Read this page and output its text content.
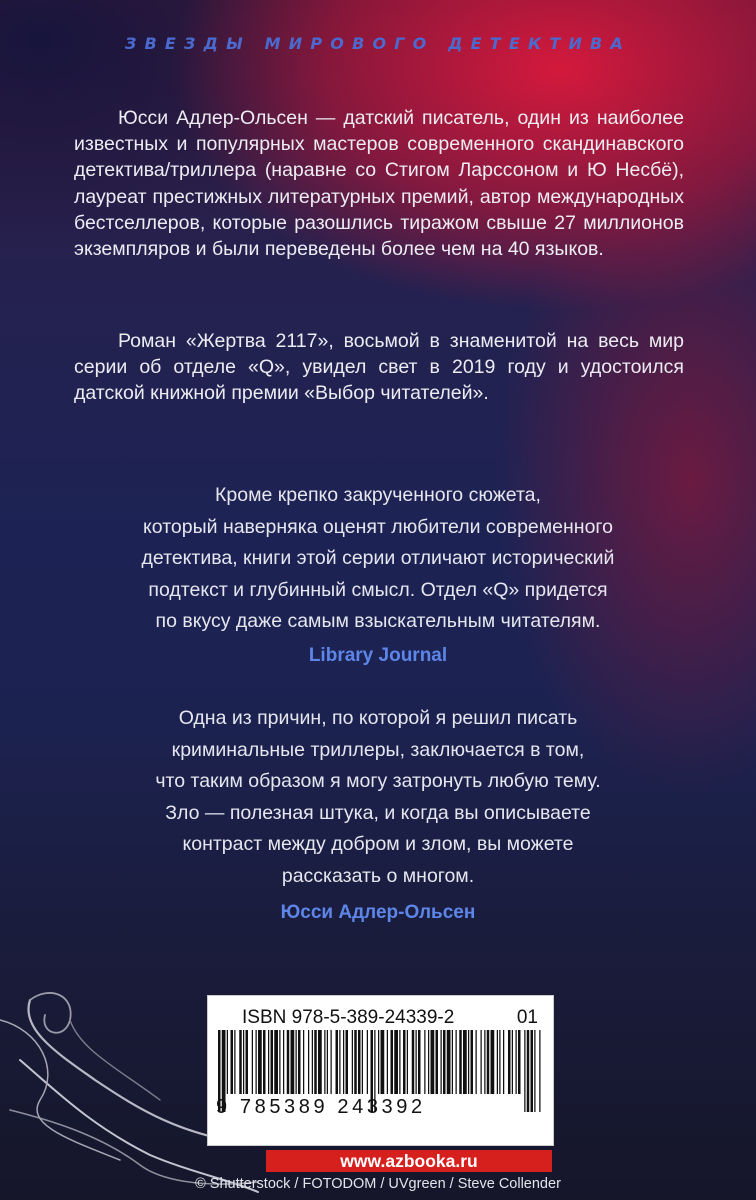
ЗВЕЗДЫ МИРОВОГО ДЕТЕКТИВА

Юсси Адлер-Ольсен — датский писатель, один из наиболее известных и популярных мастеров современного скандинавского детектива/триллера (наравне со Стигом Ларссоном и Ю Несбё), лауреат престижных литературных премий, автор международных бестселлеров, которые разошлись тиражом свыше 27 миллионов экземпляров и были переведены более чем на 40 языков.

Роман «Жертва 2117», восьмой в знаменитой на весь мир серии об отделе «Q», увидел свет в 2019 году и удостоился датской книжной премии «Выбор читателей».

Кроме крепко закрученного сюжета,
который наверняка оценят любители современного
детектива, книги этой серии отличают исторический
подтекст и глубинный смысл. Отдел «Q» придется
по вкусу даже самым взыскательным читателям.
Library Journal
Одна из причин, по которой я решил писать
криминальные триллеры, заключается в том,
что таким образом я могу затронуть любую тему.
Зло — полезная штука, и когда вы описываете
контраст между добром и злом, вы можете
рассказать о многом.
Юсси Адлер-Ольсен
ISBN 978-5-389-24339-2	01
9 785389 243392
www.azbooka.ru
© Shutterstock / FOTODOM / UVgreen / Steve Collender
